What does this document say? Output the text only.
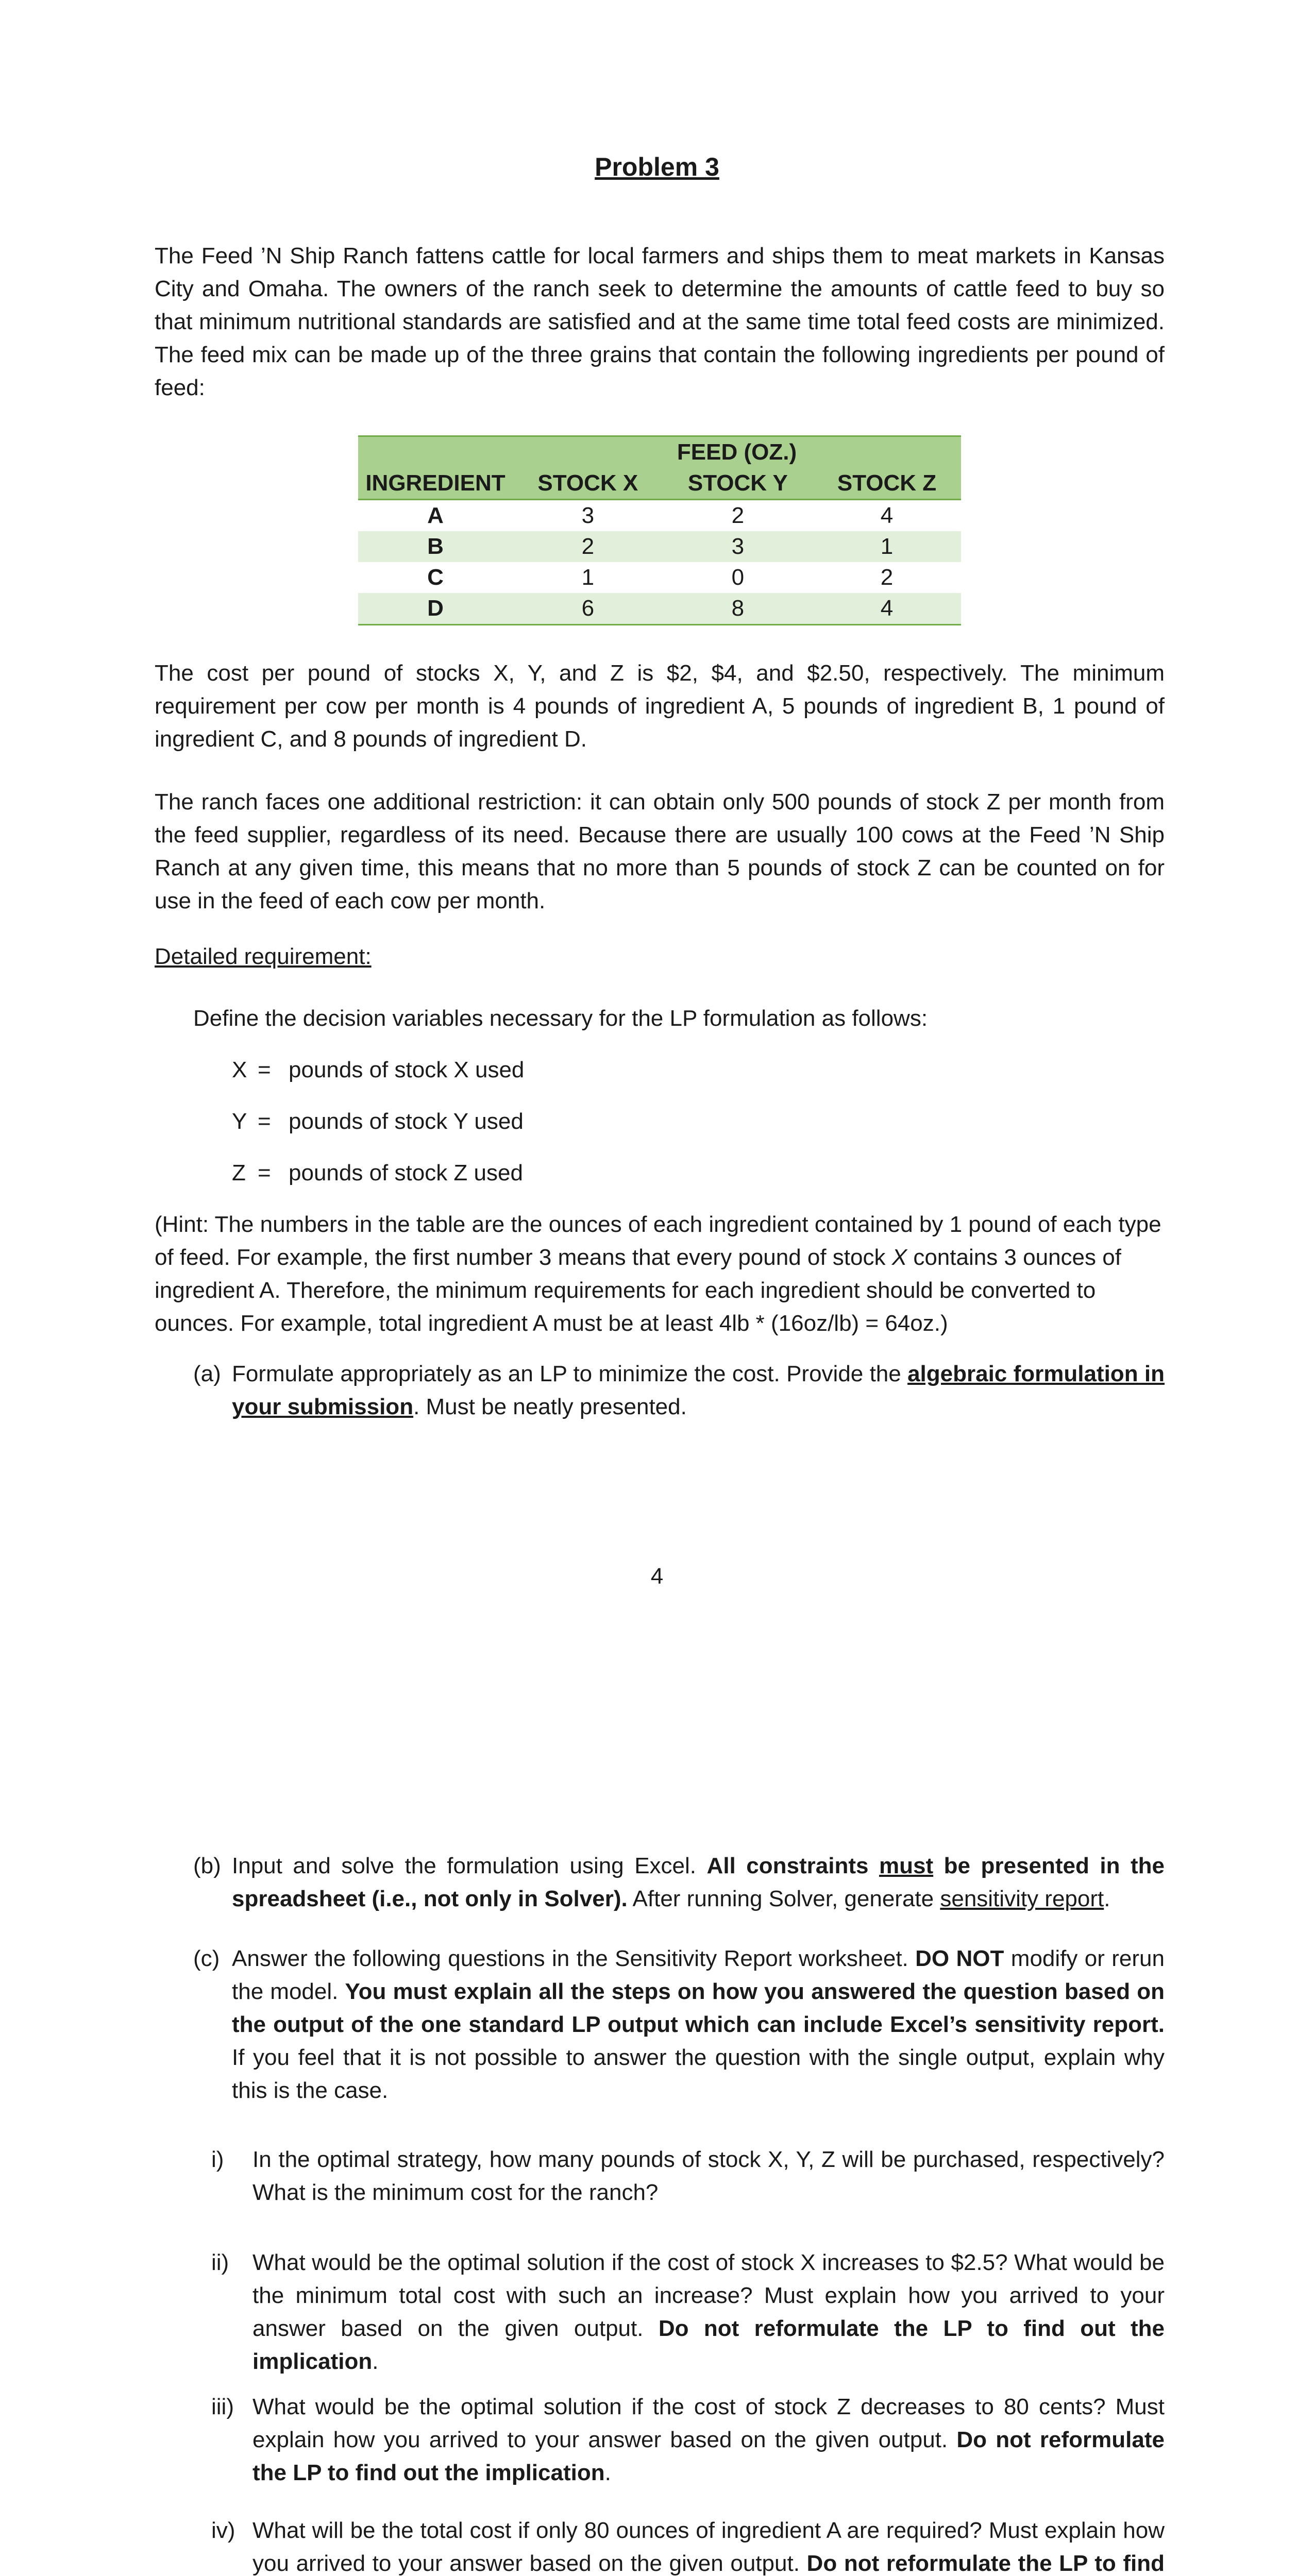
Problem 3

The Feed ’N Ship Ranch fattens cattle for local farmers and ships them to meat markets in Kansas City and Omaha. The owners of the ranch seek to determine the amounts of cattle feed to buy so that minimum nutritional standards are satisfied and at the same time total feed costs are minimized. The feed mix can be made up of the three grains that contain the following ingredients per pound of feed:

	FEED (OZ.)		
INGREDIENT	STOCK X	STOCK Y	STOCK Z
A	3	2	4
B	2	3	1
C	1	0	2
D	6	8	4

The cost per pound of stocks X, Y, and Z is $2, $4, and $2.50, respectively. The minimum requirement per cow per month is 4 pounds of ingredient A, 5 pounds of ingredient B, 1 pound of ingredient C, and 8 pounds of ingredient D.

The ranch faces one additional restriction: it can obtain only 500 pounds of stock Z per month from the feed supplier, regardless of its need. Because there are usually 100 cows at the Feed ’N Ship Ranch at any given time, this means that no more than 5 pounds of stock Z can be counted on for use in the feed of each cow per month.

Detailed requirement:

Define the decision variables necessary for the LP formulation as follows:

X = pounds of stock X used
Y = pounds of stock Y used
Z = pounds of stock Z used

(Hint: The numbers in the table are the ounces of each ingredient contained by 1 pound of each type of feed. For example, the first number 3 means that every pound of stock X contains 3 ounces of ingredient A. Therefore, the minimum requirements for each ingredient should be converted to ounces. For example, total ingredient A must be at least 4lb * (16oz/lb) = 64oz.)

(a) Formulate appropriately as an LP to minimize the cost. Provide the algebraic formulation in your submission. Must be neatly presented.

4
(b) Input and solve the formulation using Excel. All constraints must be presented in the spreadsheet (i.e., not only in Solver). After running Solver, generate sensitivity report.

(c) Answer the following questions in the Sensitivity Report worksheet. DO NOT modify or rerun the model. You must explain all the steps on how you answered the question based on the output of the one standard LP output which can include Excel’s sensitivity report. If you feel that it is not possible to answer the question with the single output, explain why this is the case.

i) In the optimal strategy, how many pounds of stock X, Y, Z will be purchased, respectively? What is the minimum cost for the ranch?

ii) What would be the optimal solution if the cost of stock X increases to $2.5? What would be the minimum total cost with such an increase? Must explain how you arrived to your answer based on the given output. Do not reformulate the LP to find out the implication.

iii) What would be the optimal solution if the cost of stock Z decreases to 80 cents? Must explain how you arrived to your answer based on the given output. Do not reformulate the LP to find out the implication.

iv) What will be the total cost if only 80 ounces of ingredient A are required? Must explain how you arrived to your answer based on the given output. Do not reformulate the LP to find
